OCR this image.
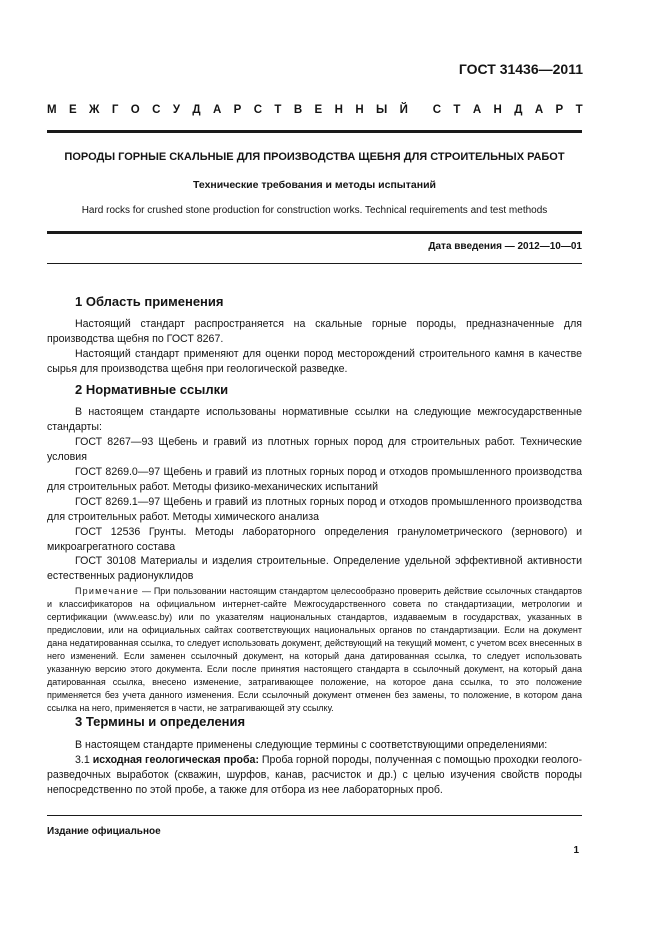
ГОСТ 31436—2011
М Е Ж Г О С У Д А Р С Т В Е Н Н Ы Й С Т А Н Д А Р Т
ПОРОДЫ ГОРНЫЕ СКАЛЬНЫЕ ДЛЯ ПРОИЗВОДСТВА ЩЕБНЯ ДЛЯ СТРОИТЕЛЬНЫХ РАБОТ
Технические требования и методы испытаний
Hard rocks for crushed stone production for construction works. Technical requirements and test methods
Дата введения — 2012—10—01
1 Область применения
Настоящий стандарт распространяется на скальные горные породы, предназначенные для производства щебня по ГОСТ 8267.
Настоящий стандарт применяют для оценки пород месторождений строительного камня в качестве сырья для производства щебня при геологической разведке.
2 Нормативные ссылки
В настоящем стандарте использованы нормативные ссылки на следующие межгосударственные стандарты:
ГОСТ 8267—93 Щебень и гравий из плотных горных пород для строительных работ. Технические условия
ГОСТ 8269.0—97 Щебень и гравий из плотных горных пород и отходов промышленного производства для строительных работ. Методы физико-механических испытаний
ГОСТ 8269.1—97 Щебень и гравий из плотных горных пород и отходов промышленного производства для строительных работ. Методы химического анализа
ГОСТ 12536 Грунты. Методы лабораторного определения гранулометрического (зернового) и микроагрегатного состава
ГОСТ 30108 Материалы и изделия строительные. Определение удельной эффективной активности естественных радионуклидов
Примечание — При пользовании настоящим стандартом целесообразно проверить действие ссылочных стандартов и классификаторов на официальном интернет-сайте Межгосударственного совета по стандартизации, метрологии и сертификации (www.easc.by) или по указателям национальных стандартов, издаваемым в государствах, указанных в предисловии, или на официальных сайтах соответствующих национальных органов по стандартизации. Если на документ дана недатированная ссылка, то следует использовать документ, действующий на текущий момент, с учетом всех внесенных в него изменений. Если заменен ссылочный документ, на который дана датированная ссылка, то следует использовать указанную версию этого документа. Если после принятия настоящего стандарта в ссылочный документ, на который дана датированная ссылка, внесено изменение, затрагивающее положение, на которое дана ссылка, то это положение применяется без учета данного изменения. Если ссылочный документ отменен без замены, то положение, в котором дана ссылка на него, применяется в части, не затрагивающей эту ссылку.
3 Термины и определения
В настоящем стандарте применены следующие термины с соответствующими определениями:
3.1 исходная геологическая проба: Проба горной породы, полученная с помощью проходки геолого-разведочных выработок (скважин, шурфов, канав, расчисток и др.) с целью изучения свойств породы непосредственно по этой пробе, а также для отбора из нее лабораторных проб.
Издание официальное
1
